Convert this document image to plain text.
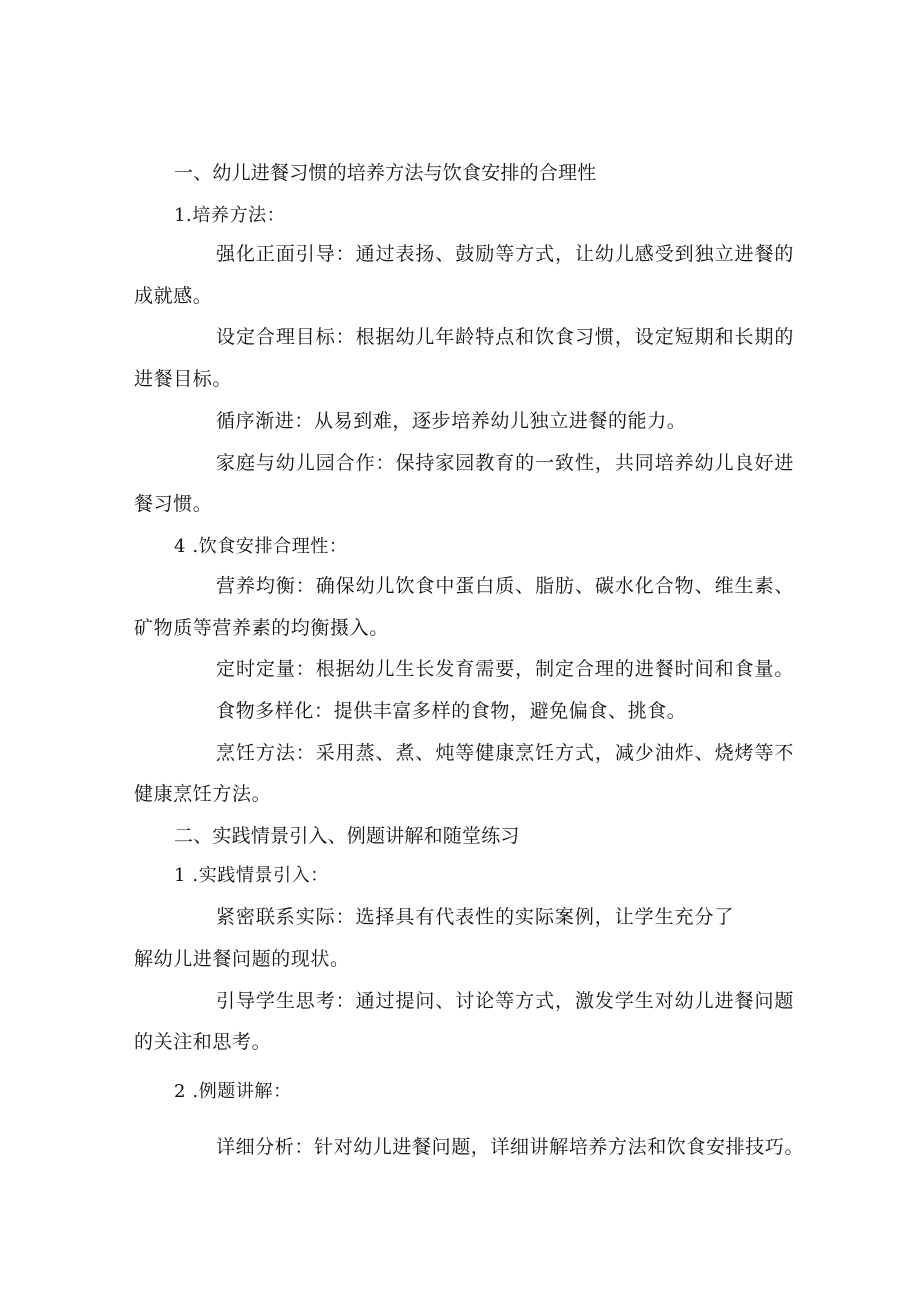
一、幼儿进餐习惯的培养方法与饮食安排的合理性
1.培养方法：
强化正面引导：通过表扬、鼓励等方式，让幼儿感受到独立进餐的
成就感。
设定合理目标：根据幼儿年龄特点和饮食习惯，设定短期和长期的
进餐目标。
循序渐进：从易到难，逐步培养幼儿独立进餐的能力。
家庭与幼儿园合作：保持家园教育的一致性，共同培养幼儿良好进
餐习惯。
4 .饮食安排合理性：
营养均衡：确保幼儿饮食中蛋白质、脂肪、碳水化合物、维生素、
矿物质等营养素的均衡摄入。
定时定量：根据幼儿生长发育需要，制定合理的进餐时间和食量。
食物多样化：提供丰富多样的食物，避免偏食、挑食。
烹饪方法：采用蒸、煮、炖等健康烹饪方式，减少油炸、烧烤等不
健康烹饪方法。
二、实践情景引入、例题讲解和随堂练习
1 .实践情景引入：
紧密联系实际：选择具有代表性的实际案例，让学生充分了
解幼儿进餐问题的现状。
引导学生思考：通过提问、讨论等方式，激发学生对幼儿进餐问题
的关注和思考。
2 .例题讲解：
详细分析：针对幼儿进餐问题，详细讲解培养方法和饮食安排技巧。
